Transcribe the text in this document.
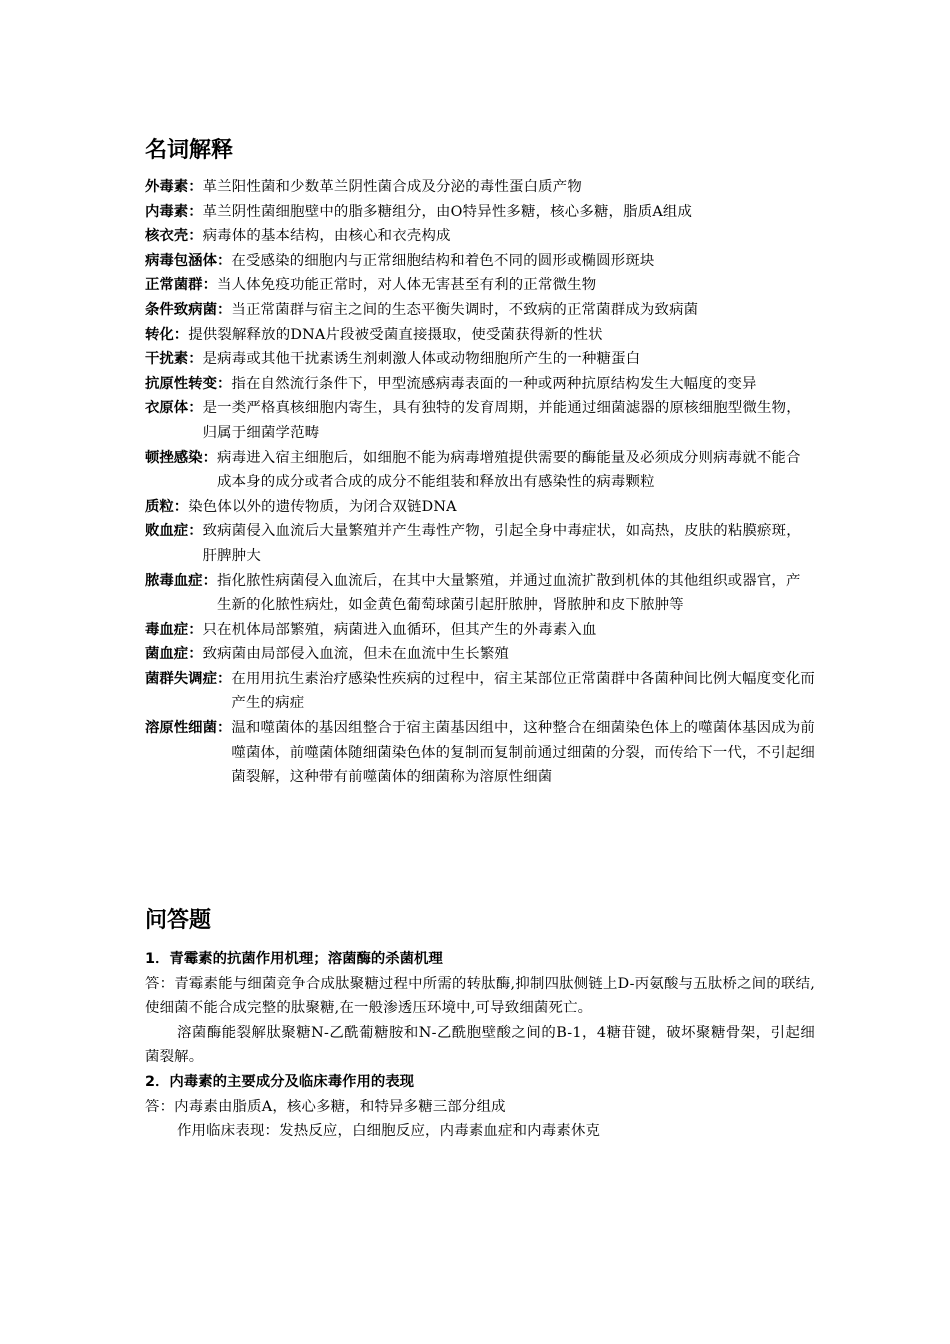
名词解释
外毒素 ： 革兰阳性菌和少数革兰阴性菌合成及分泌的毒性蛋白质产物
内毒素 ： 革兰阴性菌细胞壁中的脂多糖组分，由O特异性多糖，核心多糖，脂质A组成
核衣壳 ： 病毒体的基本结构，由核心和衣壳构成
病毒包涵体 ： 在受感染的细胞内与正常细胞结构和着色不同的圆形或椭圆形斑块
正常菌群 ： 当人体免疫功能正常时，对人体无害甚至有利的正常微生物
条件致病菌 ： 当正常菌群与宿主之间的生态平衡失调时，不致病的正常菌群成为致病菌
转化 ： 提供裂解释放的DNA片段被受菌直接摄取，使受菌获得新的性状
干扰素 ： 是病毒或其他干扰素诱生剂刺激人体或动物细胞所产生的一种糖蛋白
抗原性转变 ： 指在自然流行条件下，甲型流感病毒表面的一种或两种抗原结构发生大幅度的变异
衣原体 ： 是一类严格真核细胞内寄生，具有独特的发育周期，并能通过细菌滤器的原核细胞型微生物，归属于细菌学范畴
顿挫感染 ： 病毒进入宿主细胞后，如细胞不能为病毒增殖提供需要的酶能量及必须成分则病毒就不能合成本身的成分或者合成的成分不能组装和释放出有感染性的病毒颗粒
质粒 ： 染色体以外的遗传物质，为闭合双链DNA
败血症 ： 致病菌侵入血流后大量繁殖并产生毒性产物，引起全身中毒症状，如高热，皮肤的粘膜瘀斑，肝脾肿大
脓毒血症 ： 指化脓性病菌侵入血流后，在其中大量繁殖，并通过血流扩散到机体的其他组织或器官，产生新的化脓性病灶，如金黄色葡萄球菌引起肝脓肿，肾脓肿和皮下脓肿等
毒血症 ： 只在机体局部繁殖，病菌进入血循环，但其产生的外毒素入血
菌血症 ： 致病菌由局部侵入血流，但未在血流中生长繁殖
菌群失调症 ： 在用用抗生素治疗感染性疾病的过程中，宿主某部位正常菌群中各菌种间比例大幅度变化而产生的病症
溶原性细菌 ： 温和噬菌体的基因组整合于宿主菌基因组中，这种整合在细菌染色体上的噬菌体基因成为前噬菌体，前噬菌体随细菌染色体的复制而复制前通过细菌的分裂，而传给下一代，不引起细菌裂解，这种带有前噬菌体的细菌称为溶原性细菌
问答题
1．青霉素的抗菌作用机理；溶菌酶的杀菌机理

答：青霉素能与细菌竞争合成肽聚糖过程中所需的转肽酶,抑制四肽侧链上D-丙氨酸与五肽桥之间的联结,使细菌不能合成完整的肽聚糖,在一般渗透压环境中,可导致细菌死亡。

溶菌酶能裂解肽聚糖N-乙酰葡糖胺和N-乙酰胞壁酸之间的B-1，4糖苷键，破坏聚糖骨架，引起细菌裂解。

2．内毒素的主要成分及临床毒作用的表现

答：内毒素由脂质A，核心多糖，和特异多糖三部分组成

作用临床表现：发热反应，白细胞反应，内毒素血症和内毒素休克
